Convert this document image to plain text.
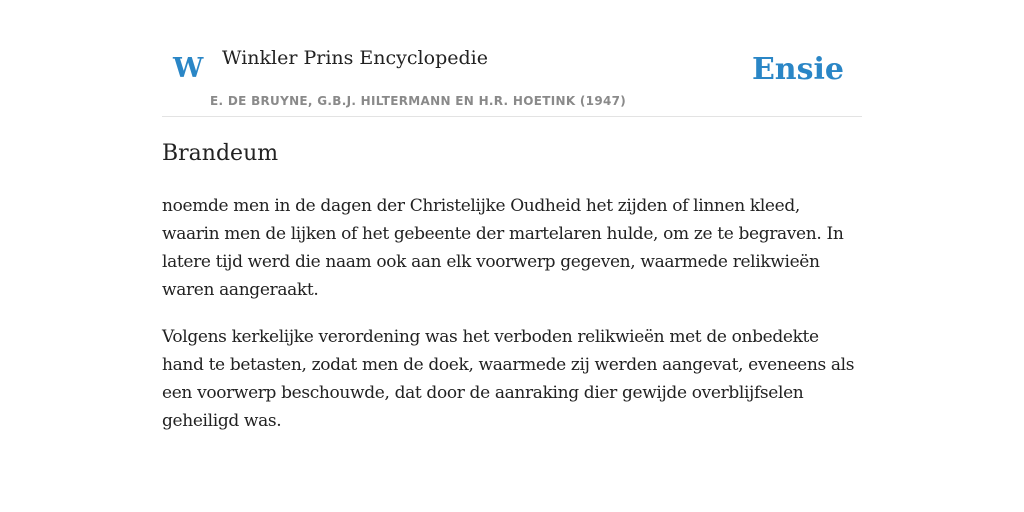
W Winkler Prins Encyclopedie
E. DE BRUYNE, G.B.J. HILTERMANN EN H.R. HOETINK (1947)
Ensie
Brandeum

noemde men in de dagen der Christelijke Oudheid het zijden of linnen kleed, waarin men de lijken of het gebeente der martelaren hulde, om ze te begraven. In latere tijd werd die naam ook aan elk voorwerp gegeven, waarmede relikwieën waren aangeraakt.

Volgens kerkelijke verordening was het verboden relikwieën met de onbedekte hand te betasten, zodat men de doek, waarmede zij werden aangevat, eveneens als een voorwerp beschouwde, dat door de aanraking dier gewijde overblijfselen geheiligd was.
